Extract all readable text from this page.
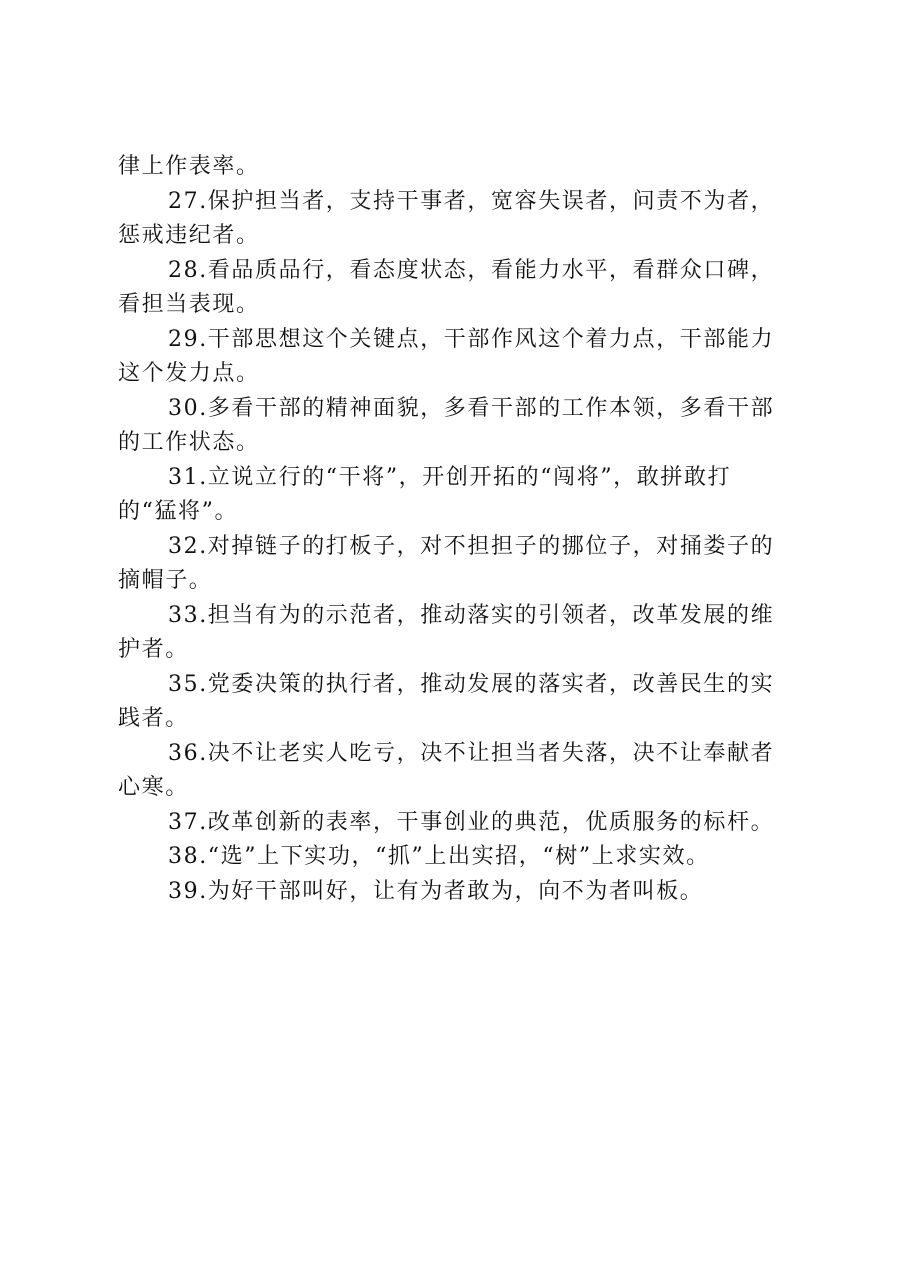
律上作表率。
27.保护担当者，支持干事者，宽容失误者，问责不为者，
惩戒违纪者。
28.看品质品行，看态度状态，看能力水平，看群众口碑，
看担当表现。
29.干部思想这个关键点，干部作风这个着力点，干部能力
这个发力点。
30.多看干部的精神面貌，多看干部的工作本领，多看干部
的工作状态。
31.立说立行的“干将”，开创开拓的“闯将”，敢拼敢打
的“猛将”。
32.对掉链子的打板子，对不担担子的挪位子，对捅娄子的
摘帽子。
33.担当有为的示范者，推动落实的引领者，改革发展的维
护者。
35.党委决策的执行者，推动发展的落实者，改善民生的实
践者。
36.决不让老实人吃亏，决不让担当者失落，决不让奉献者
心寒。
37.改革创新的表率，干事创业的典范，优质服务的标杆。
38.“选”上下实功，“抓”上出实招，“树”上求实效。
39.为好干部叫好，让有为者敢为，向不为者叫板。
